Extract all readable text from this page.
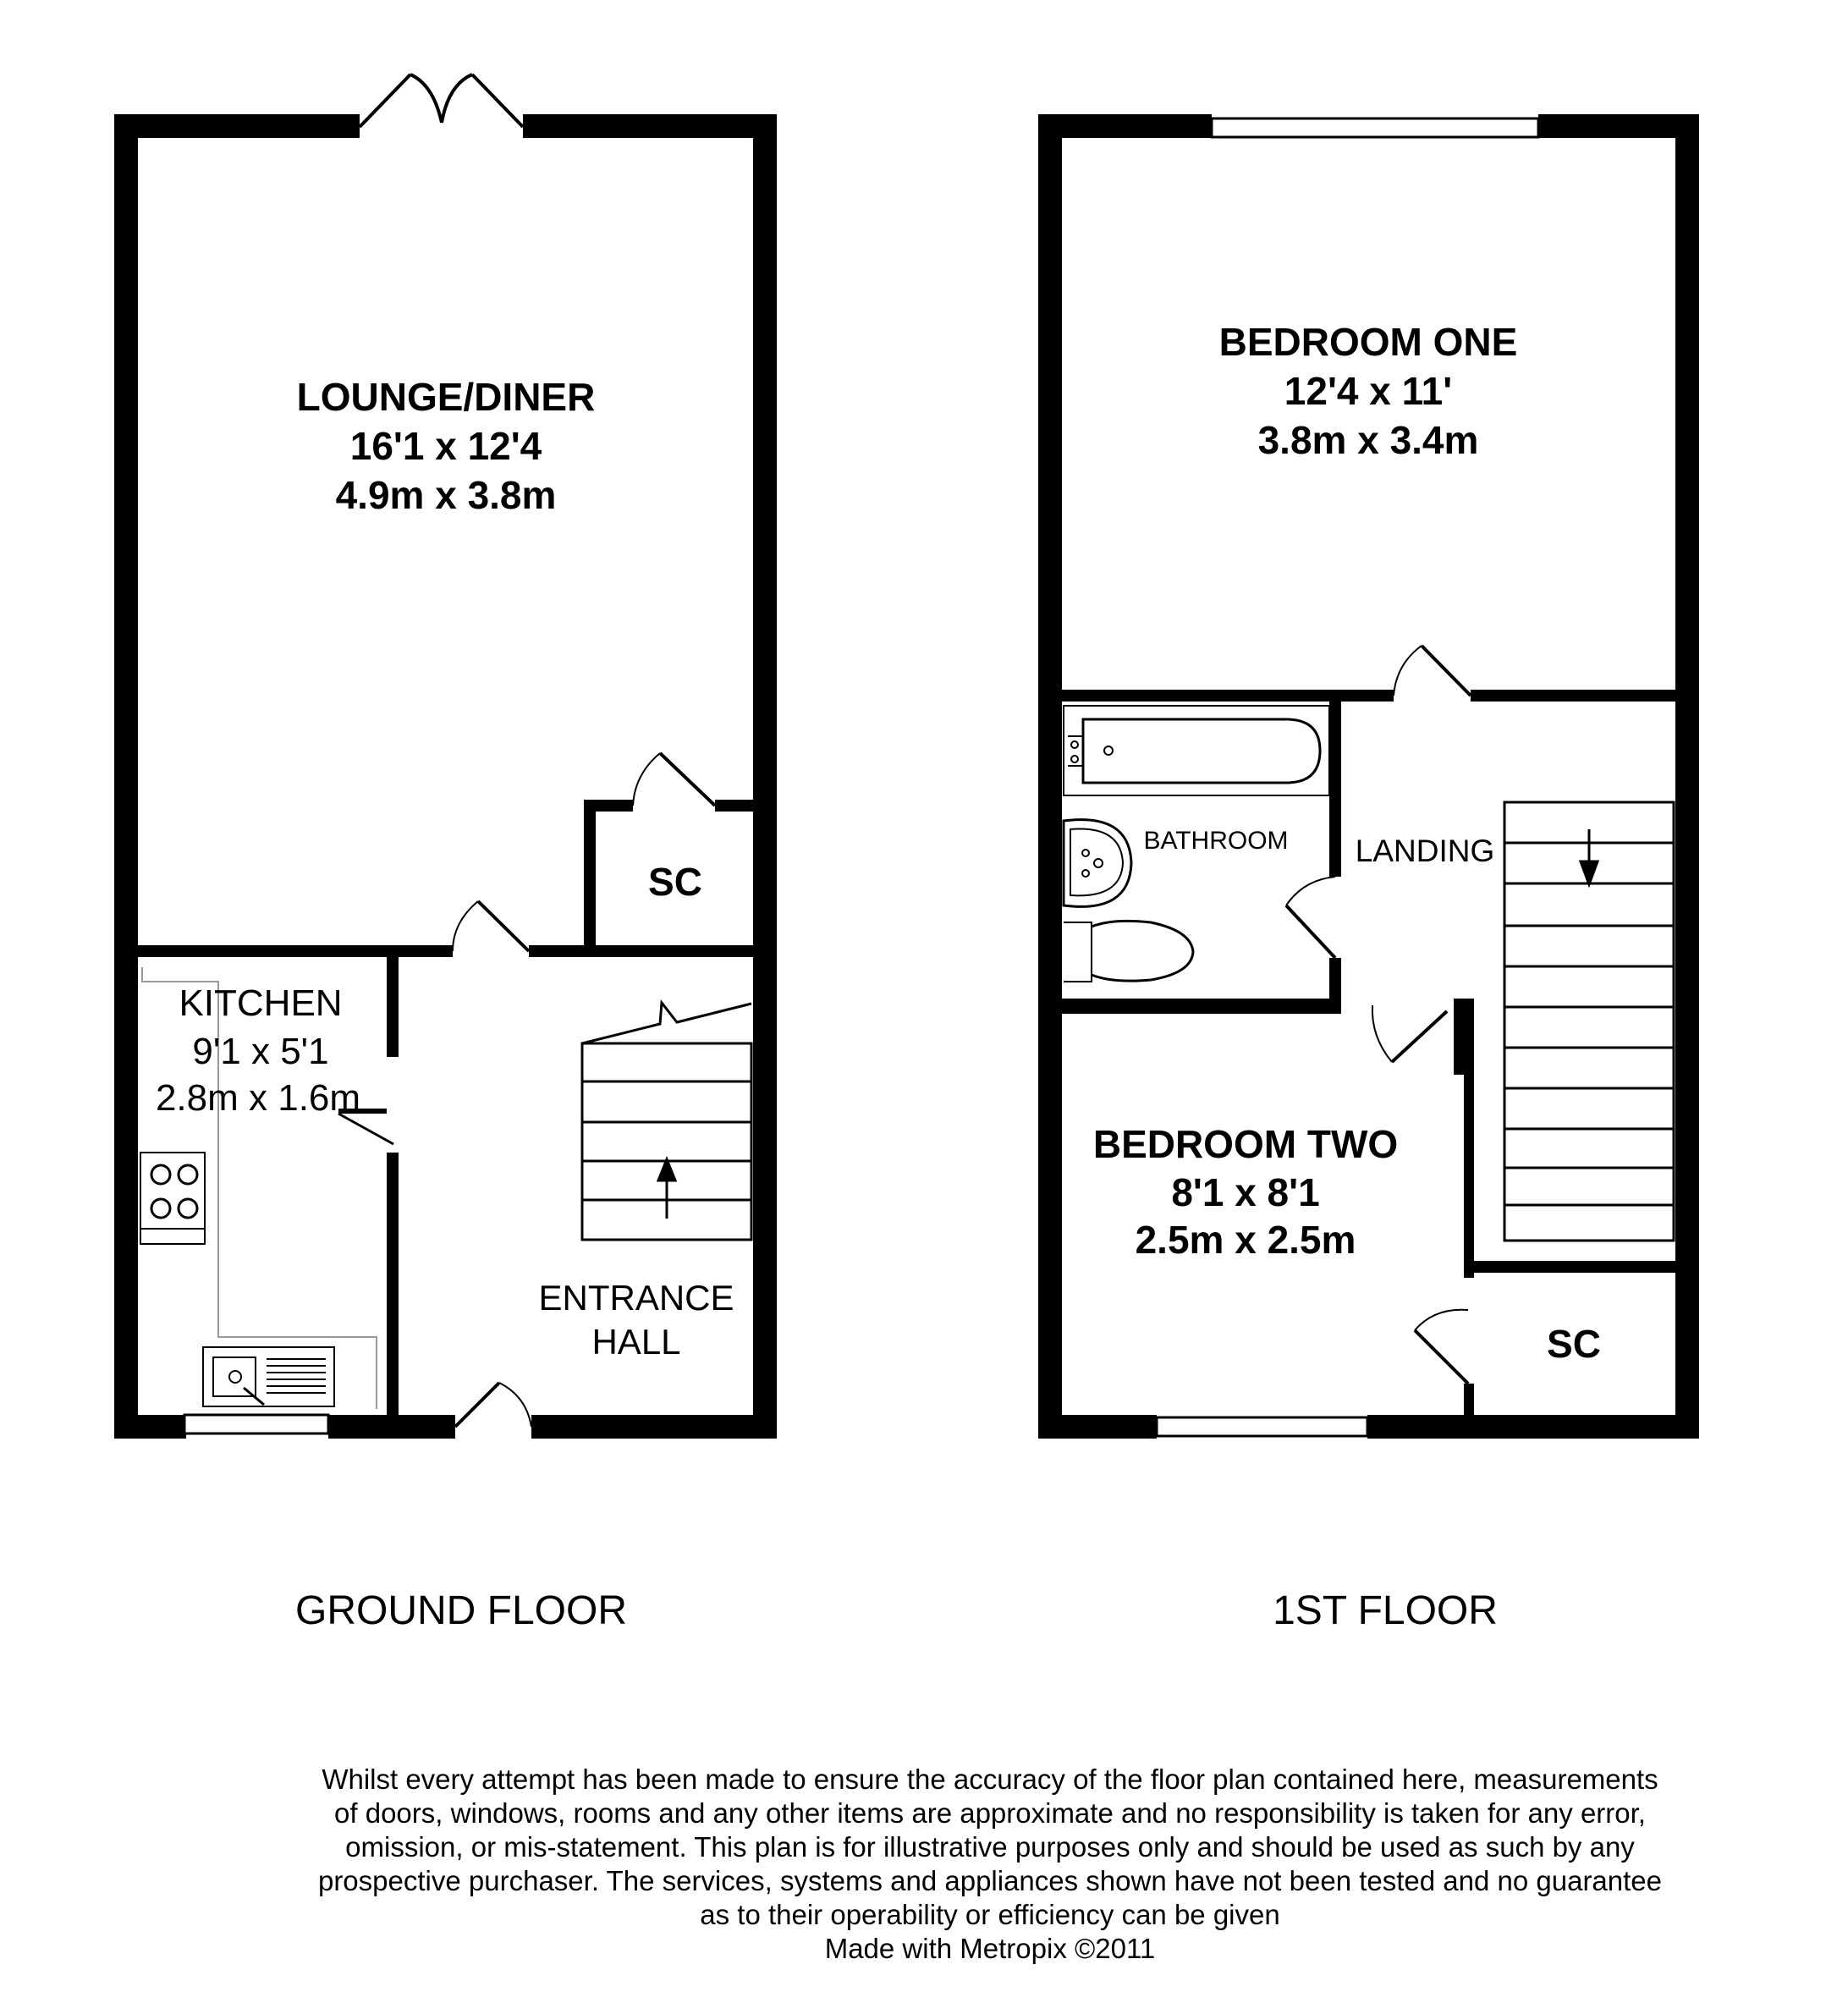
LOUNGE/DINER
16'1 x 12'4
4.9m x 3.8m
SC
KITCHEN
9'1 x 5'1
2.8m x 1.6m
ENTRANCE
HALL
BEDROOM ONE
12'4 x 11'
3.8m x 3.4m
BATHROOM LANDING
BEDROOM TWO
8'1 x 8'1
2.5m x 2.5m
SC
GROUND FLOOR	1ST FLOOR
Whilst every attempt has been made to ensure the accuracy of the floor plan contained here, measurements
of doors, windows, rooms and any other items are approximate and no responsibility is taken for any error,
omission, or mis-statement. This plan is for illustrative purposes only and should be used as such by any
prospective purchaser. The services, systems and appliances shown have not been tested and no guarantee
as to their operability or efficiency can be given
Made with Metropix ©2011
